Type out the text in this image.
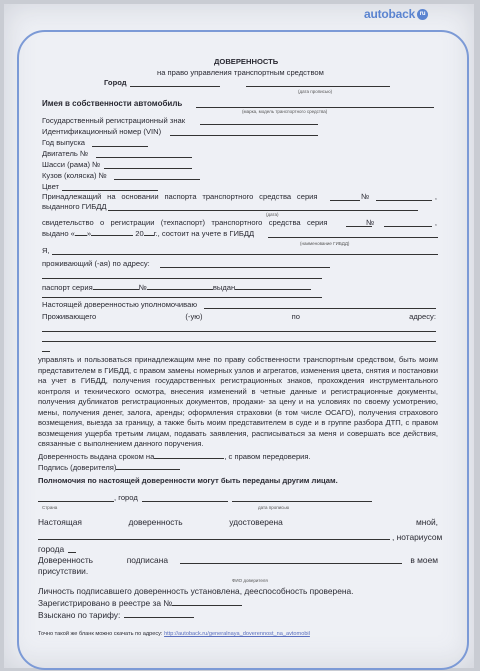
autoback ru
ДОВЕРЕННОСТЬ
на право управления транспортным средством
Город
(дата прописью)
Имея в собственности автомобиль
(марка, модель транспортного средства)
Государственный регистрационный знак
Идентификационный номер (VIN)
Год выпуска
Двигатель №
Шасси (рама) №
Кузов (коляска) №
Цвет
Принадлежащий на основании паспорта транспортного средства серия	№	,
выданного ГИБДД
(дата)
свидетельство о регистрации (техпаспорт) транспортного средства серия	№	,
выдано « »	20 г., состоит на учете в ГИБДД
(наименование ГИБДД)
Я,
проживающий (-ая) по адресу:
паспорт серия	№	выдан
Настоящей доверенностью уполномочиваю
Проживающего	(-ую)	по	адресу:
управлять и пользоваться принадлежащим мне по праву собственности транспортным средством, быть моим представителем в ГИБДД, с правом замены номерных узлов и агрегатов, изменения цвета, снятия и постановки на учет в ГИБДД, получения государственных регистрационных знаков, прохождения инструментального контроля и технического осмотра, внесения изменений в четные данные и регистрационные документы, получения дубликатов регистрационных документов, продажи- за цену и на условиях по своему усмотрению, мены, получения денег, залога, аренды; оформления страховки (в том числе ОСАГО), получения страхового возмещения, выезда за границу, а также быть моим представителем в суде и в группе разбора ДТП, с правом возмещения ущерба третьим лицам, подавать заявления, расписываться за меня и совершать все действия, связанные с выполнением данного поручения.
Доверенность выдана сроком на	, с правом передоверия.
Подпись (доверителя)
Полномочия по настоящей доверенности могут быть переданы другим лицам.
, город
Страна	дата прописью
Настоящая	доверенность	удостоверена	мной,
, нотариусом
города
Доверенность	подписана	в моем
присутствии.
ФИО доверителя
Личность подписавшего доверенность установлена, дееспособность проверена.
Зарегистрировано в реестре за №
Взыскано по тарифу:
Точно такой же бланк можно скачать по адресу: http://autoback.ru/generalnaya_doverennost_na_avtomobil
